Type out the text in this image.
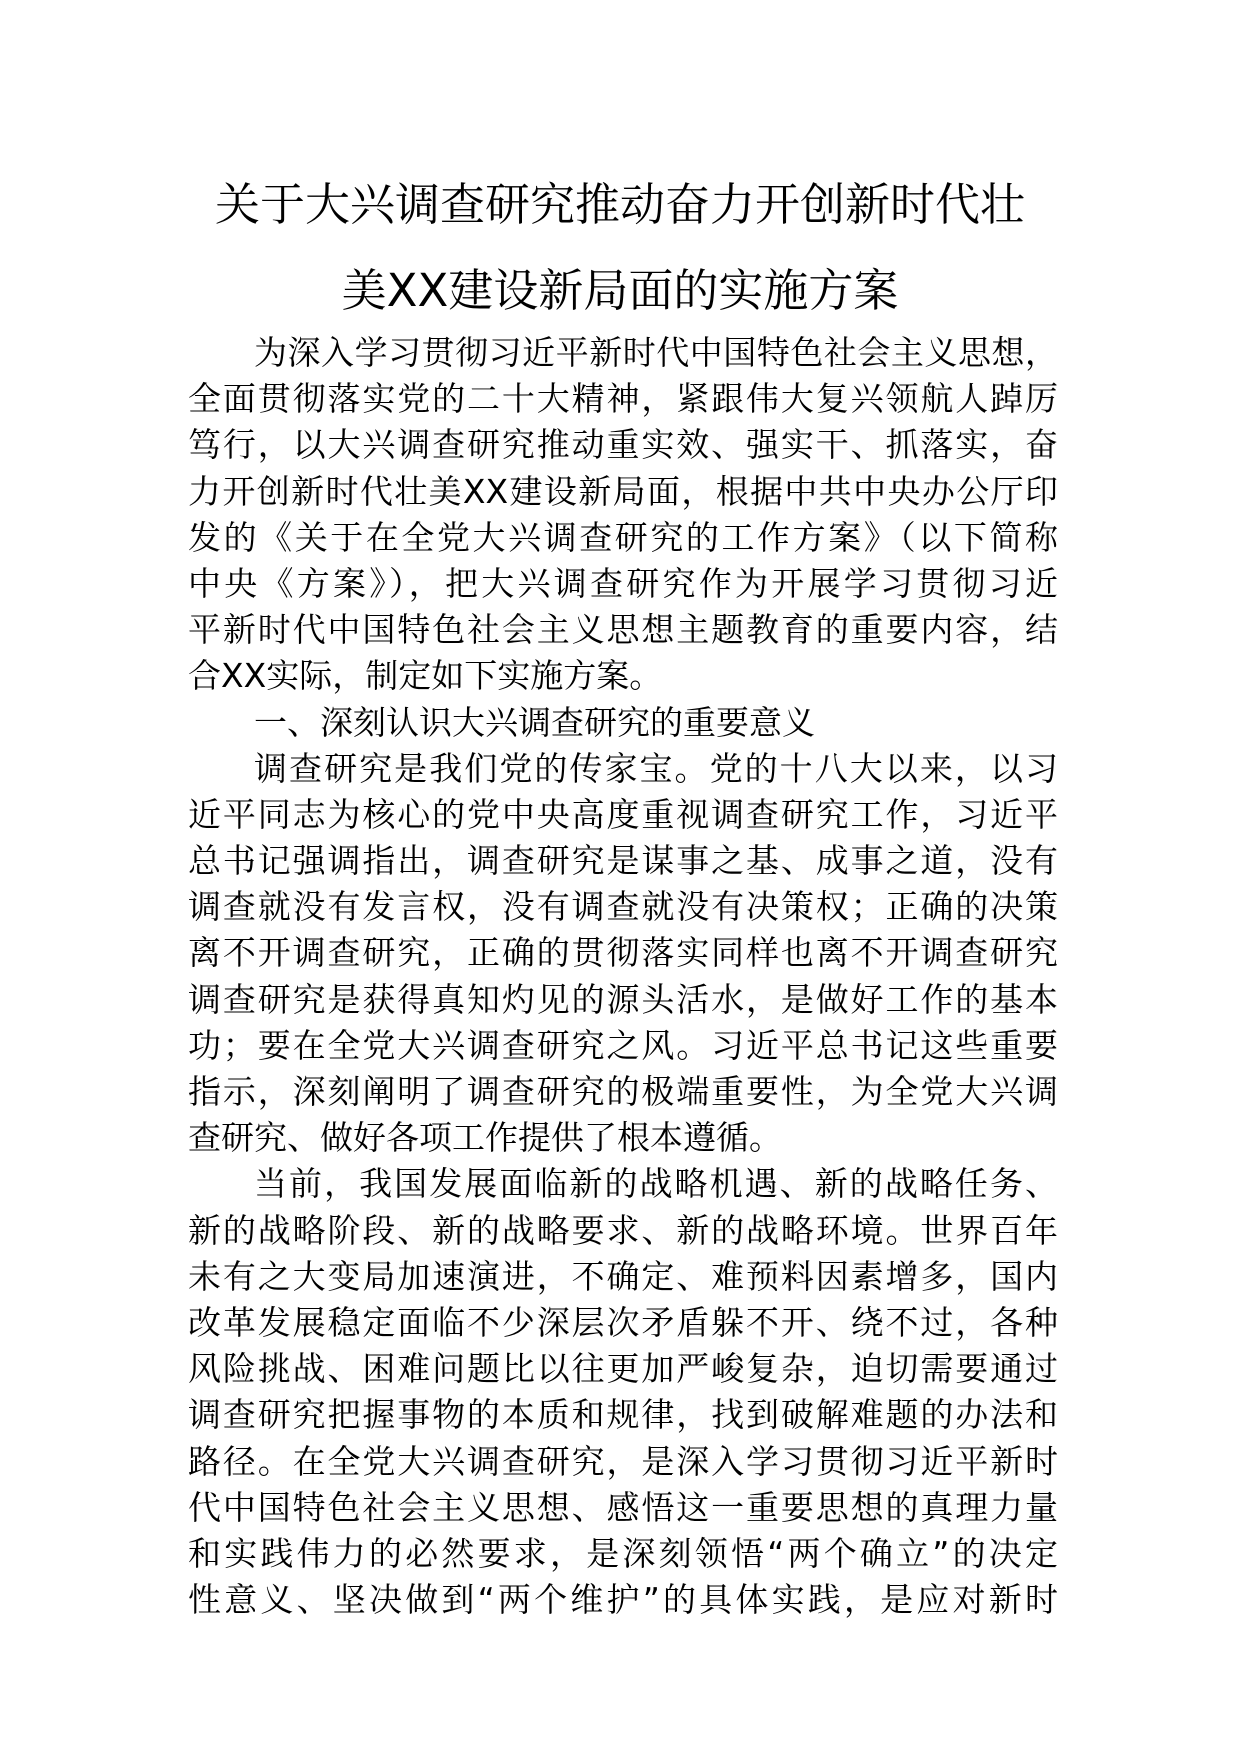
关于大兴调查研究推动奋力开创新时代壮
美XX建设新局面的实施方案
为深入学习贯彻习近平新时代中国特色社会主义思想，
全面贯彻落实党的二十大精神，紧跟伟大复兴领航人踔厉
笃行，以大兴调查研究推动重实效、强实干、抓落实，奋
力开创新时代壮美XX建设新局面，根据中共中央办公厅印
发的《关于在全党大兴调查研究的工作方案》（以下简称
中央《方案》），把大兴调查研究作为开展学习贯彻习近
平新时代中国特色社会主义思想主题教育的重要内容，结
合XX实际，制定如下实施方案。
一、深刻认识大兴调查研究的重要意义
调查研究是我们党的传家宝。党的十八大以来，以习
近平同志为核心的党中央高度重视调查研究工作，习近平
总书记强调指出，调查研究是谋事之基、成事之道，没有
调查就没有发言权，没有调查就没有决策权；正确的决策
离不开调查研究，正确的贯彻落实同样也离不开调查研究
调查研究是获得真知灼见的源头活水，是做好工作的基本
功；要在全党大兴调查研究之风。习近平总书记这些重要
指示，深刻阐明了调查研究的极端重要性，为全党大兴调
查研究、做好各项工作提供了根本遵循。
当前，我国发展面临新的战略机遇、新的战略任务、
新的战略阶段、新的战略要求、新的战略环境。世界百年
未有之大变局加速演进，不确定、难预料因素增多，国内
改革发展稳定面临不少深层次矛盾躲不开、绕不过，各种
风险挑战、困难问题比以往更加严峻复杂，迫切需要通过
调查研究把握事物的本质和规律，找到破解难题的办法和
路径。在全党大兴调查研究，是深入学习贯彻习近平新时
代中国特色社会主义思想、感悟这一重要思想的真理力量
和实践伟力的必然要求，是深刻领悟“两个确立”的决定
性意义、坚决做到“两个维护”的具体实践，是应对新时
